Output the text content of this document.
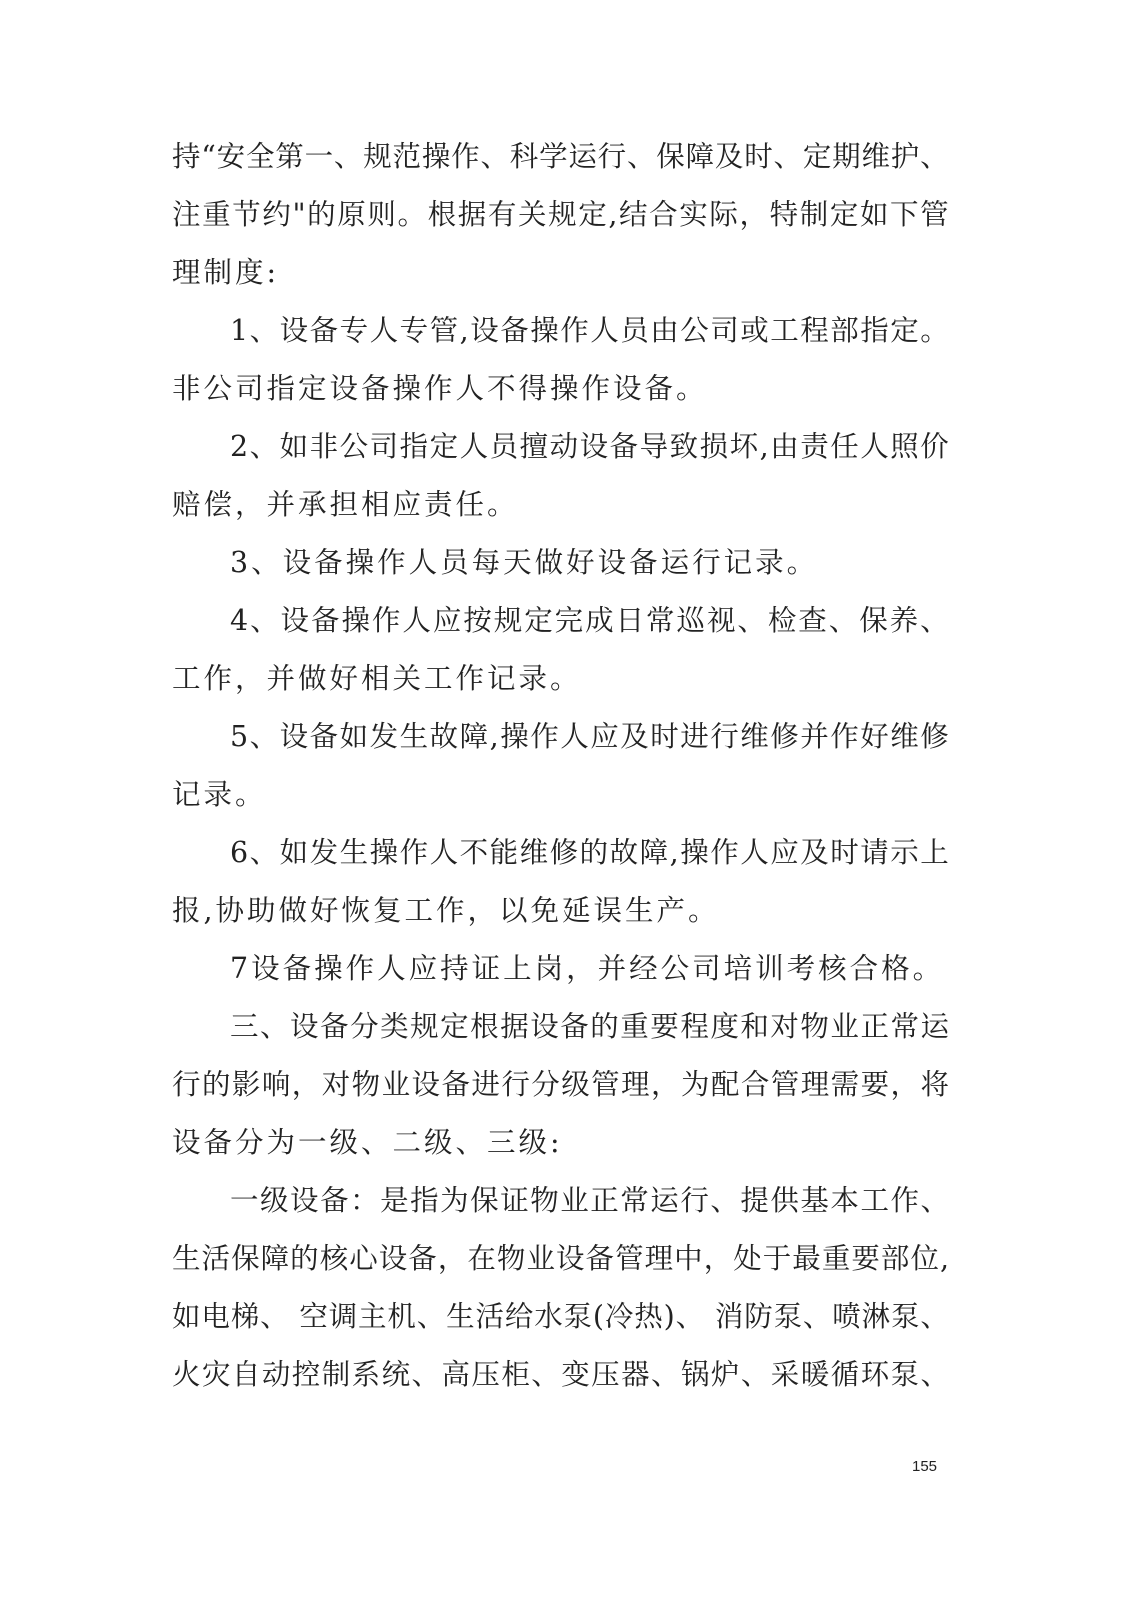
持“安全第一、规范操作、科学运行、保障及时、定期维护、
注重节约"的原则。根据有关规定,结合实际，特制定如下管
理制度:
1、设备专人专管,设备操作人员由公司或工程部指定。
非公司指定设备操作人不得操作设备。
2、如非公司指定人员擅动设备导致损坏,由责任人照价
赔偿，并承担相应责任。
3、设备操作人员每天做好设备运行记录。
4、设备操作人应按规定完成日常巡视、检查、保养、
工作，并做好相关工作记录。
5、设备如发生故障,操作人应及时进行维修并作好维修
记录。
6、如发生操作人不能维修的故障,操作人应及时请示上
报,协助做好恢复工作，以免延误生产。
7设备操作人应持证上岗，并经公司培训考核合格。
三、设备分类规定根据设备的重要程度和对物业正常运
行的影响，对物业设备进行分级管理，为配合管理需要，将
设备分为一级、二级、三级:
一级设备：是指为保证物业正常运行、提供基本工作、
生活保障的核心设备，在物业设备管理中，处于最重要部位,
如电梯、 空调主机、生活给水泵(冷热)、 消防泵、喷淋泵、
火灾自动控制系统、高压柜、变压器、锅炉、采暖循环泵、
155
